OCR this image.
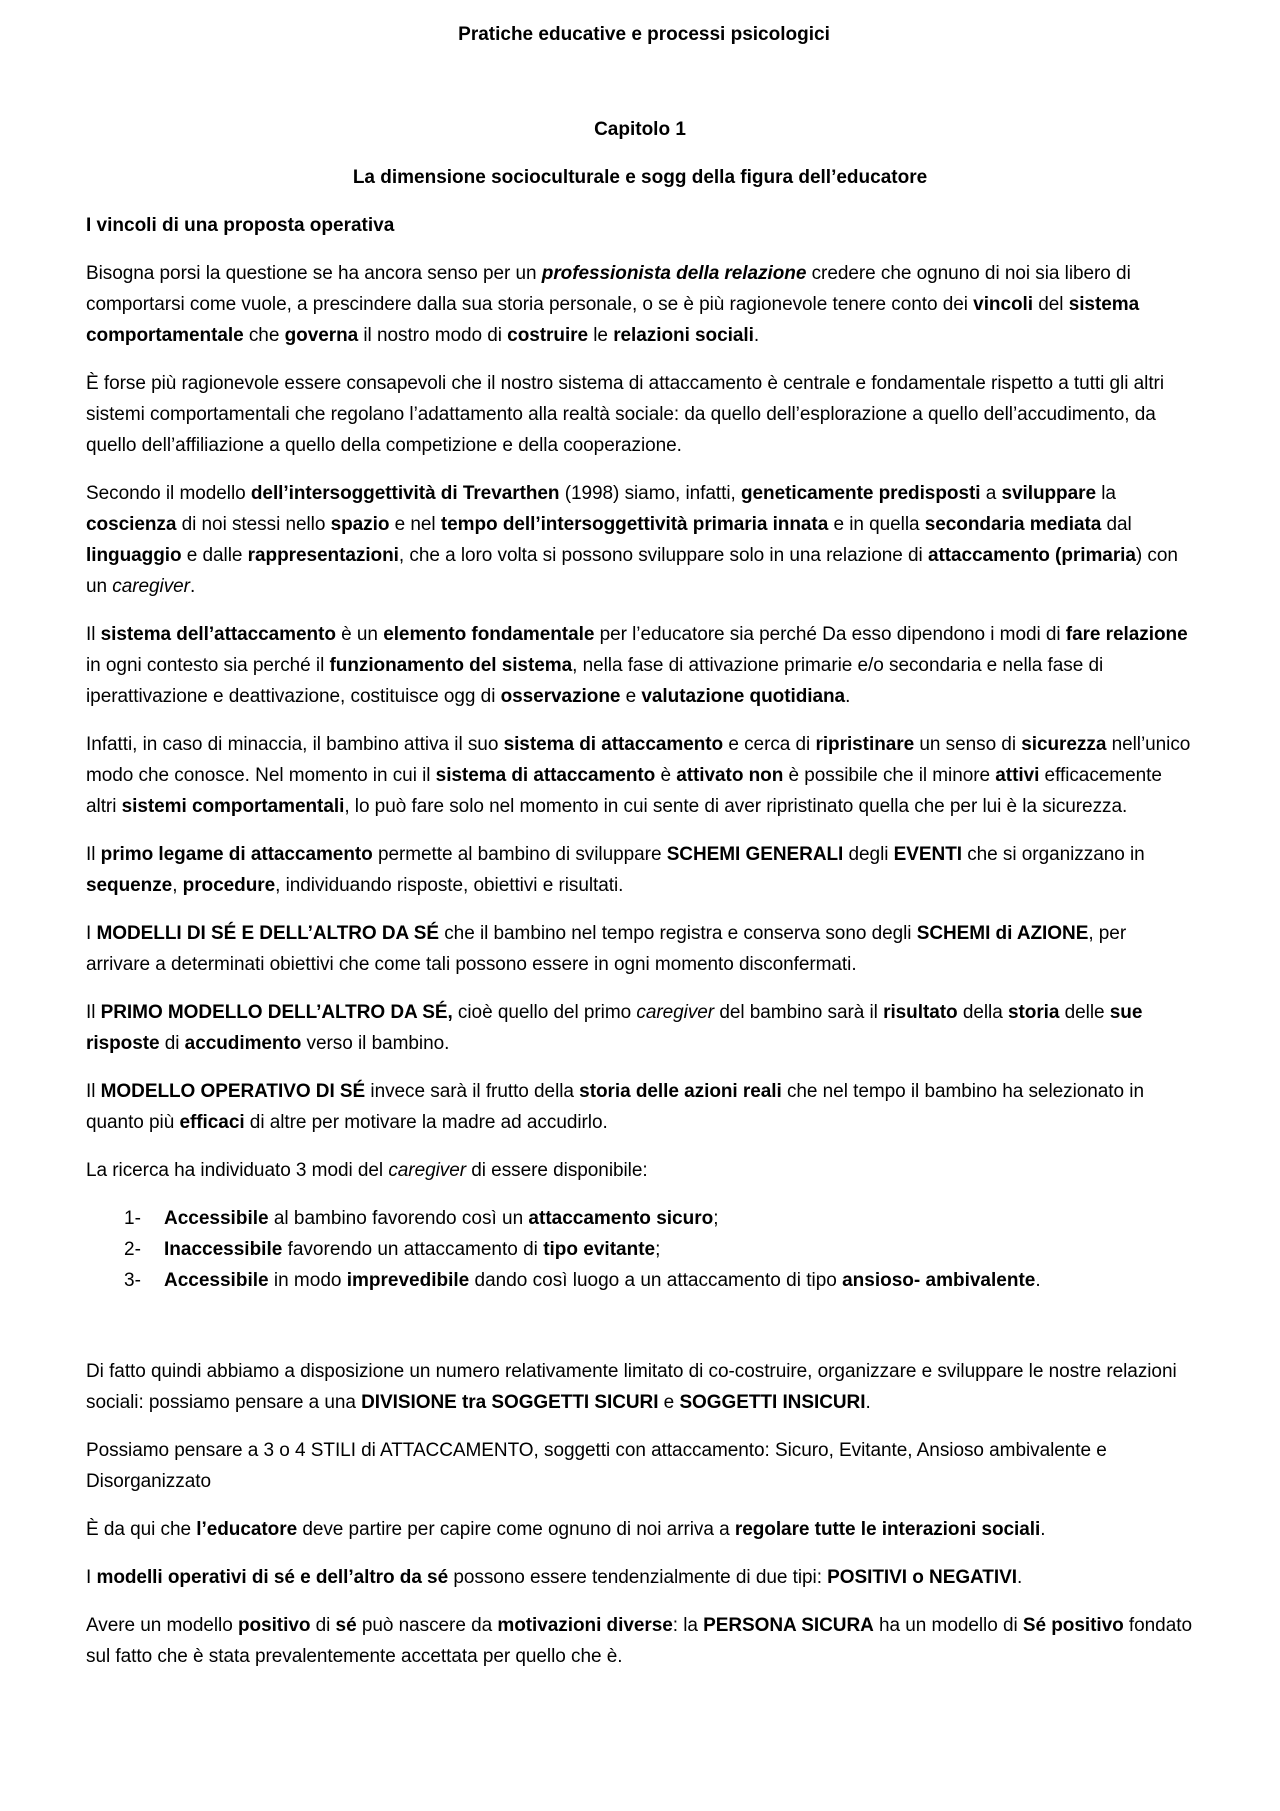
Pratiche educative e processi psicologici
Capitolo 1
La dimensione socioculturale e sogg della figura dell’educatore
I vincoli di una proposta operativa

Bisogna porsi la questione se ha ancora senso per un professionista della relazione credere che ognuno di noi sia libero di comportarsi come vuole, a prescindere dalla sua storia personale, o se è più ragionevole tenere conto dei vincoli del sistema comportamentale che governa il nostro modo di costruire le relazioni sociali.

È forse più ragionevole essere consapevoli che il nostro sistema di attaccamento è centrale e fondamentale rispetto a tutti gli altri sistemi comportamentali che regolano l’adattamento alla realtà sociale: da quello dell’esplorazione a quello dell’accudimento, da quello dell’affiliazione a quello della competizione e della cooperazione.

Secondo il modello dell’intersoggettività di Trevarthen (1998) siamo, infatti, geneticamente predisposti a sviluppare la coscienza di noi stessi nello spazio e nel tempo dell’intersoggettività primaria innata e in quella secondaria mediata dal linguaggio e dalle rappresentazioni, che a loro volta si possono sviluppare solo in una relazione di attaccamento (primaria) con un caregiver.

Il sistema dell’attaccamento è un elemento fondamentale per l’educatore sia perché Da esso dipendono i modi di fare relazione in ogni contesto sia perché il funzionamento del sistema, nella fase di attivazione primarie e/o secondaria e nella fase di iperattivazione e deattivazione, costituisce ogg di osservazione e valutazione quotidiana.

Infatti, in caso di minaccia, il bambino attiva il suo sistema di attaccamento e cerca di ripristinare un senso di sicurezza nell’unico modo che conosce. Nel momento in cui il sistema di attaccamento è attivato non è possibile che il minore attivi efficacemente altri sistemi comportamentali, lo può fare solo nel momento in cui sente di aver ripristinato quella che per lui è la sicurezza.

Il primo legame di attaccamento permette al bambino di sviluppare SCHEMI GENERALI degli EVENTI che si organizzano in sequenze, procedure, individuando risposte, obiettivi e risultati.

I MODELLI DI SÉ E DELL’ALTRO DA SÉ che il bambino nel tempo registra e conserva sono degli SCHEMI di AZIONE, per arrivare a determinati obiettivi che come tali possono essere in ogni momento disconfermati.

Il PRIMO MODELLO DELL’ALTRO DA SÉ, cioè quello del primo caregiver del bambino sarà il risultato della storia delle sue risposte di accudimento verso il bambino.

Il MODELLO OPERATIVO DI SÉ invece sarà il frutto della storia delle azioni reali che nel tempo il bambino ha selezionato in quanto più efficaci di altre per motivare la madre ad accudirlo.

La ricerca ha individuato 3 modi del caregiver di essere disponibile:

1- Accessibile al bambino favorendo così un attaccamento sicuro;
2- Inaccessibile favorendo un attaccamento di tipo evitante;
3- Accessibile in modo imprevedibile dando così luogo a un attaccamento di tipo ansioso- ambivalente.

Di fatto quindi abbiamo a disposizione un numero relativamente limitato di co-costruire, organizzare e sviluppare le nostre relazioni sociali: possiamo pensare a una DIVISIONE tra SOGGETTI SICURI e SOGGETTI INSICURI.

Possiamo pensare a 3 o 4 STILI di ATTACCAMENTO, soggetti con attaccamento: Sicuro, Evitante, Ansioso ambivalente e Disorganizzato

È da qui che l’educatore deve partire per capire come ognuno di noi arriva a regolare tutte le interazioni sociali.

I modelli operativi di sé e dell’altro da sé possono essere tendenzialmente di due tipi: POSITIVI o NEGATIVI.

Avere un modello positivo di sé può nascere da motivazioni diverse: la PERSONA SICURA ha un modello di Sé positivo fondato sul fatto che è stata prevalentemente accettata per quello che è.
